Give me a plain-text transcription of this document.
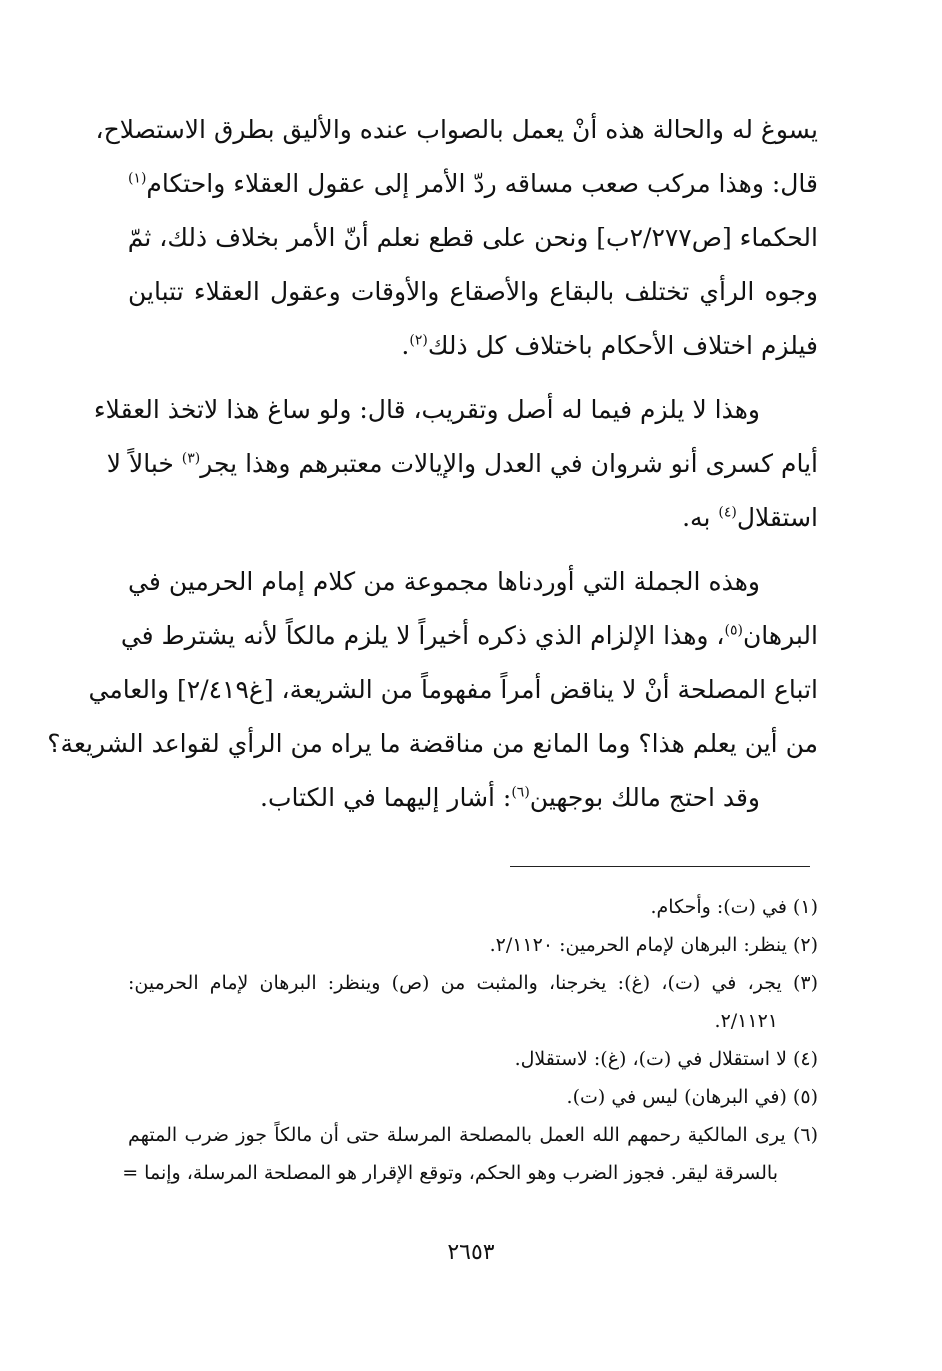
يسوغ له والحالة هذه أنْ يعمل بالصواب عنده والأليق بطرق الاستصلاح،
قال: وهذا مركب صعب مساقه ردّ الأمر إلى عقول العقلاء واحتكام$^{(١)}$
الحكماء [ص٢/٢٧٧ب] ونحن على قطع نعلم أنّ الأمر بخلاف ذلك، ثمّ
وجوه الرأي تختلف بالبقاع والأصقاع والأوقات وعقول العقلاء تتباين
فيلزم اختلاف الأحكام باختلاف كل ذلك$^{(٢)}$.
وهذا لا يلزم فيما له أصل وتقريب، قال: ولو ساغ هذا لاتخذ العقلاء
أيام كسرى أنو شروان في العدل والإيالات معتبرهم وهذا يجر$^{(٣)}$ خبالاً لا
استقلال$^{(٤)}$ به.
وهذه الجملة التي أوردناها مجموعة من كلام إمام الحرمين في
البرهان$^{(٥)}$، وهذا الإلزام الذي ذكره أخيراً لا يلزم مالكاً لأنه يشترط في
اتباع المصلحة أنْ لا يناقض أمراً مفهوماً من الشريعة، [غ٢/٤١٩] والعامي
من أين يعلم هذا؟ وما المانع من مناقضة ما يراه من الرأي لقواعد الشريعة؟
وقد احتج مالك بوجهين$^{(٦)}$: أشار إليهما في الكتاب.
(١) في (ت): وأحكام.
(٢) ينظر: البرهان لإمام الحرمين: ٢/١١٢٠.
(٣) يجر، في (ت)، (غ): يخرجنا، والمثبت من (ص) وينظر: البرهان لإمام الحرمين:
٢/١١٢١.
(٤) لا استقلال في (ت)، (غ): لاستقلال.
(٥) (في البرهان) ليس في (ت).
(٦) يرى المالكية رحمهم الله العمل بالمصلحة المرسلة حتى أن مالكاً جوز ضرب المتهم
بالسرقة ليقر. فجوز الضرب وهو الحكم، وتوقع الإقرار هو المصلحة المرسلة، وإنما =
٢٦٥٣
